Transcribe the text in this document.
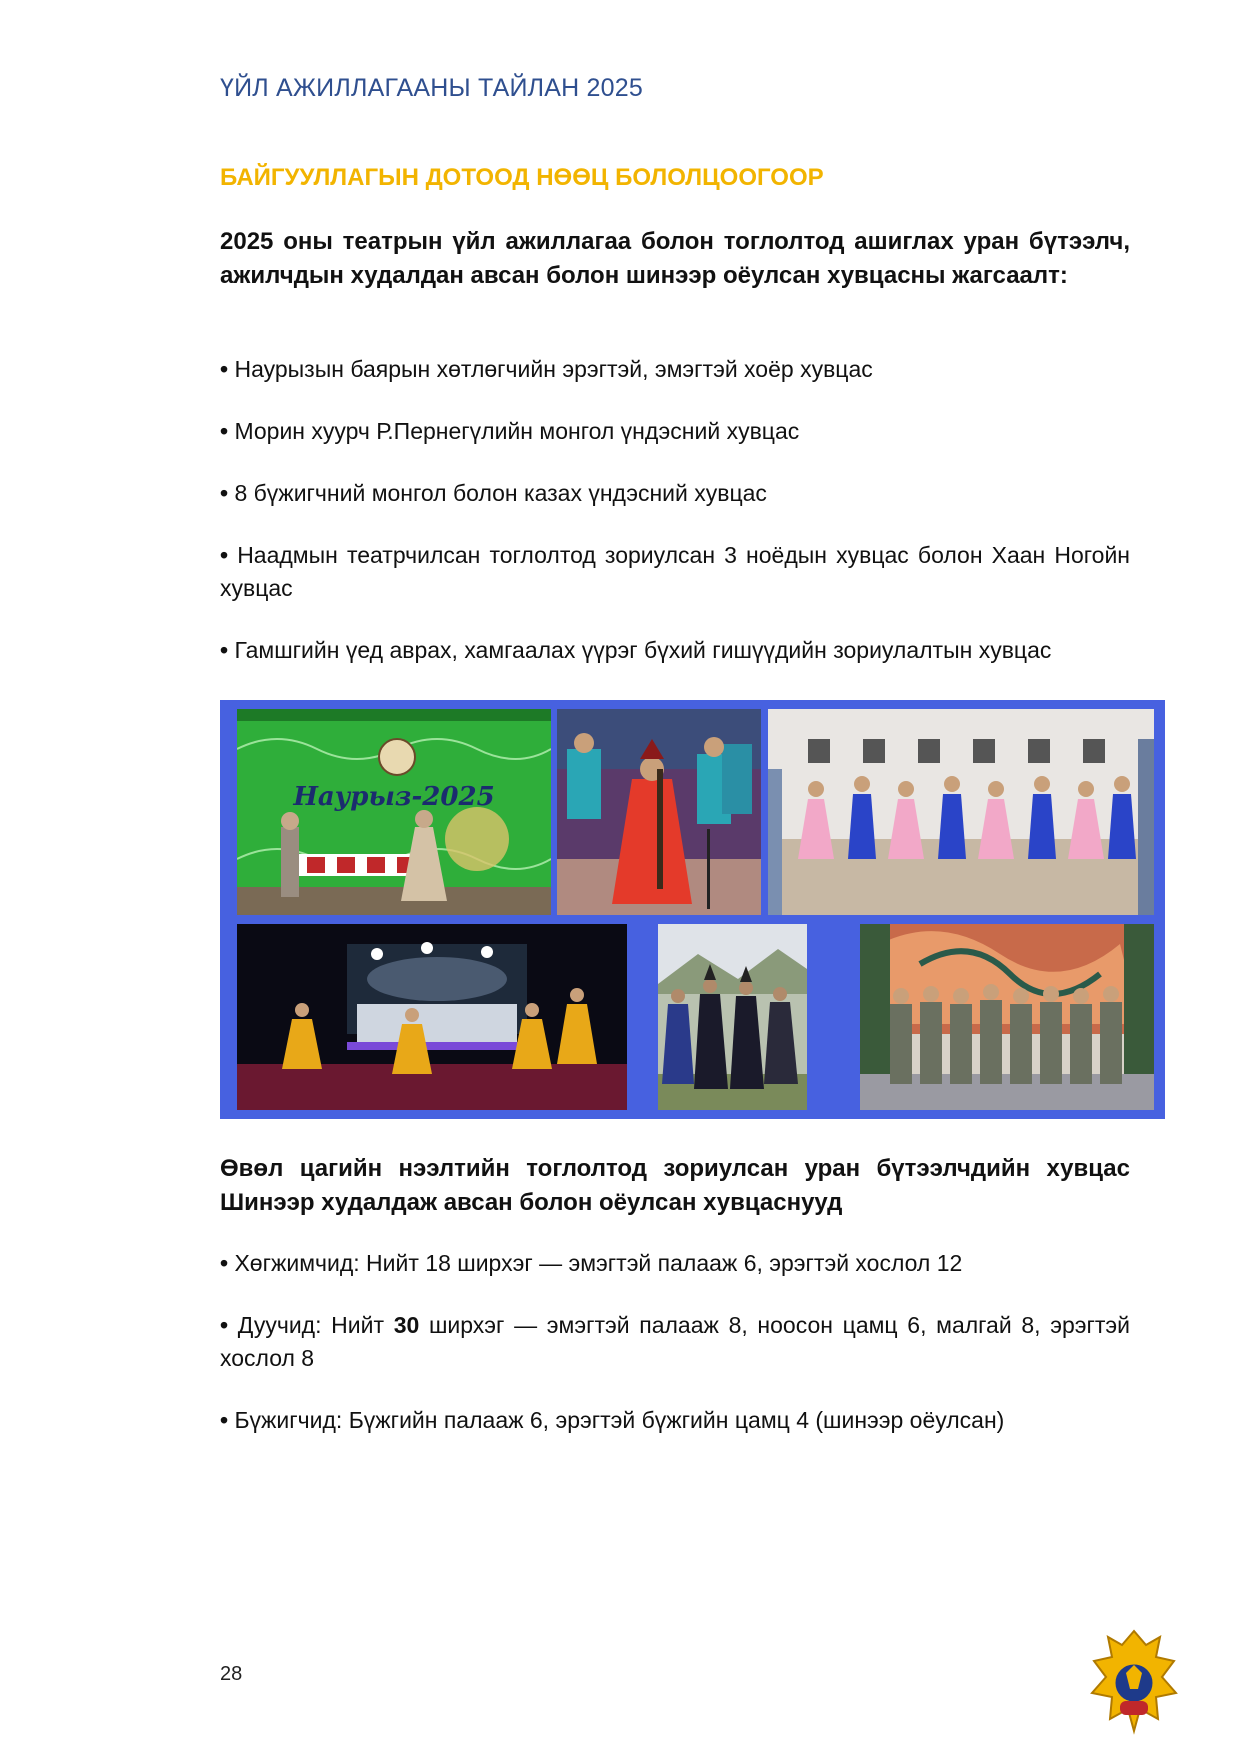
ҮЙЛ АЖИЛЛАГААНЫ ТАЙЛАН 2025
БАЙГУУЛЛАГЫН ДОТООД НӨӨЦ БОЛОЛЦООГООР
2025 оны театрын үйл ажиллагаа болон тоглолтод ашиглах уран бүтээлч, ажилчдын худалдан авсан болон шинээр оёулсан хувцасны жагсаалт:
• Наурызын баярын хөтлөгчийн эрэгтэй, эмэгтэй хоёр хувцас
• Морин хуурч Р.Пернегүлийн монгол үндэсний хувцас
• 8 бүжигчний монгол болон казах үндэсний хувцас
• Наадмын театрчилсан тоглолтод зориулсан 3 ноёдын хувцас болон Хаан Ногойн хувцас
• Гамшгийн үед аврах, хамгаалах үүрэг бүхий гишүүдийн зориулалтын хувцас
Наурыз-2025
Өвөл цагийн нээлтийн тоглолтод зориулсан уран бүтээлчдийн хувцас Шинээр худалдаж авсан болон оёулсан хувцаснууд
• Хөгжимчид: Нийт 18 ширхэг — эмэгтэй палааж 6, эрэгтэй хослол 12
• Дуучид: Нийт 30 ширхэг — эмэгтэй палааж 8, ноосон цамц 6, малгай 8, эрэгтэй хослол 8
• Бүжигчид: Бүжгийн палааж 6, эрэгтэй бүжгийн цамц 4 (шинээр оёулсан)
28
